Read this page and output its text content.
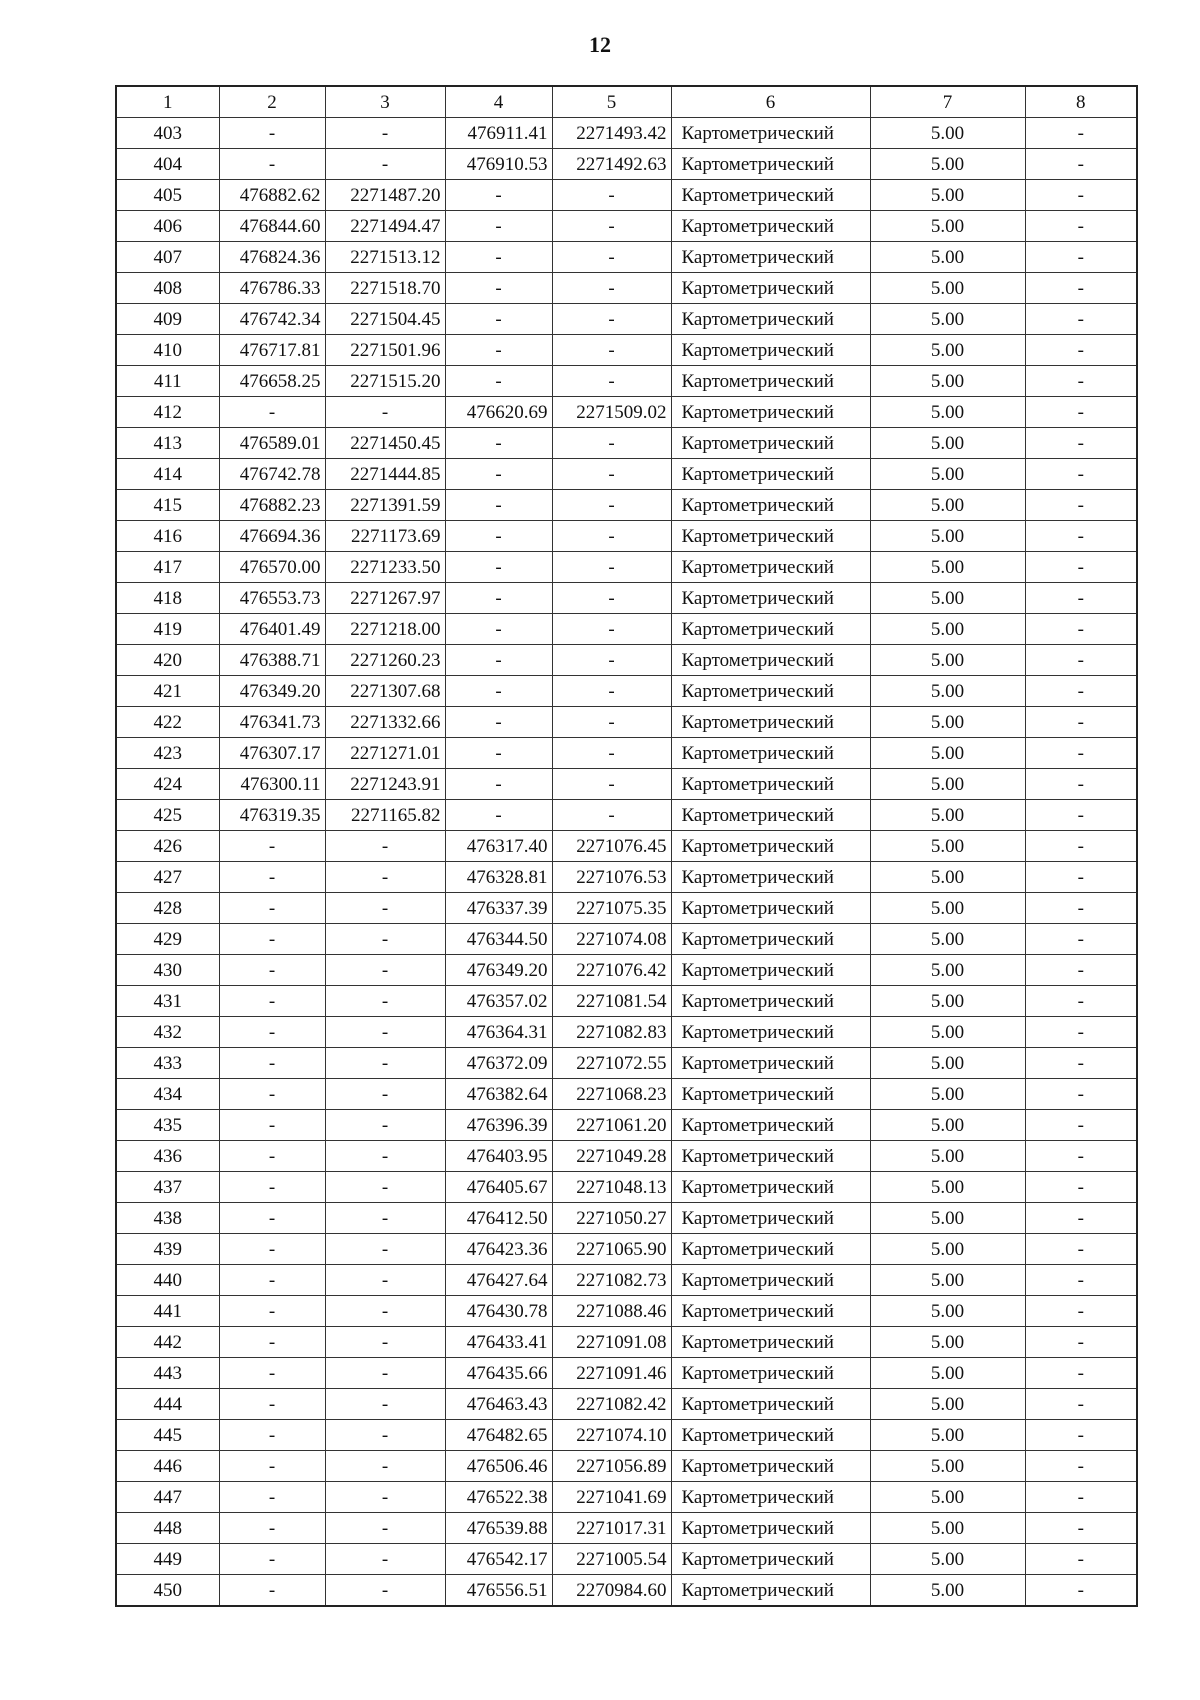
12
1	2	3	4	5	6	7	8
403	-	-	476911.41	2271493.42	Картометрический	5.00	-
404	-	-	476910.53	2271492.63	Картометрический	5.00	-
405	476882.62	2271487.20	-	-	Картометрический	5.00	-
406	476844.60	2271494.47	-	-	Картометрический	5.00	-
407	476824.36	2271513.12	-	-	Картометрический	5.00	-
408	476786.33	2271518.70	-	-	Картометрический	5.00	-
409	476742.34	2271504.45	-	-	Картометрический	5.00	-
410	476717.81	2271501.96	-	-	Картометрический	5.00	-
411	476658.25	2271515.20	-	-	Картометрический	5.00	-
412	-	-	476620.69	2271509.02	Картометрический	5.00	-
413	476589.01	2271450.45	-	-	Картометрический	5.00	-
414	476742.78	2271444.85	-	-	Картометрический	5.00	-
415	476882.23	2271391.59	-	-	Картометрический	5.00	-
416	476694.36	2271173.69	-	-	Картометрический	5.00	-
417	476570.00	2271233.50	-	-	Картометрический	5.00	-
418	476553.73	2271267.97	-	-	Картометрический	5.00	-
419	476401.49	2271218.00	-	-	Картометрический	5.00	-
420	476388.71	2271260.23	-	-	Картометрический	5.00	-
421	476349.20	2271307.68	-	-	Картометрический	5.00	-
422	476341.73	2271332.66	-	-	Картометрический	5.00	-
423	476307.17	2271271.01	-	-	Картометрический	5.00	-
424	476300.11	2271243.91	-	-	Картометрический	5.00	-
425	476319.35	2271165.82	-	-	Картометрический	5.00	-
426	-	-	476317.40	2271076.45	Картометрический	5.00	-
427	-	-	476328.81	2271076.53	Картометрический	5.00	-
428	-	-	476337.39	2271075.35	Картометрический	5.00	-
429	-	-	476344.50	2271074.08	Картометрический	5.00	-
430	-	-	476349.20	2271076.42	Картометрический	5.00	-
431	-	-	476357.02	2271081.54	Картометрический	5.00	-
432	-	-	476364.31	2271082.83	Картометрический	5.00	-
433	-	-	476372.09	2271072.55	Картометрический	5.00	-
434	-	-	476382.64	2271068.23	Картометрический	5.00	-
435	-	-	476396.39	2271061.20	Картометрический	5.00	-
436	-	-	476403.95	2271049.28	Картометрический	5.00	-
437	-	-	476405.67	2271048.13	Картометрический	5.00	-
438	-	-	476412.50	2271050.27	Картометрический	5.00	-
439	-	-	476423.36	2271065.90	Картометрический	5.00	-
440	-	-	476427.64	2271082.73	Картометрический	5.00	-
441	-	-	476430.78	2271088.46	Картометрический	5.00	-
442	-	-	476433.41	2271091.08	Картометрический	5.00	-
443	-	-	476435.66	2271091.46	Картометрический	5.00	-
444	-	-	476463.43	2271082.42	Картометрический	5.00	-
445	-	-	476482.65	2271074.10	Картометрический	5.00	-
446	-	-	476506.46	2271056.89	Картометрический	5.00	-
447	-	-	476522.38	2271041.69	Картометрический	5.00	-
448	-	-	476539.88	2271017.31	Картометрический	5.00	-
449	-	-	476542.17	2271005.54	Картометрический	5.00	-
450	-	-	476556.51	2270984.60	Картометрический	5.00	-
